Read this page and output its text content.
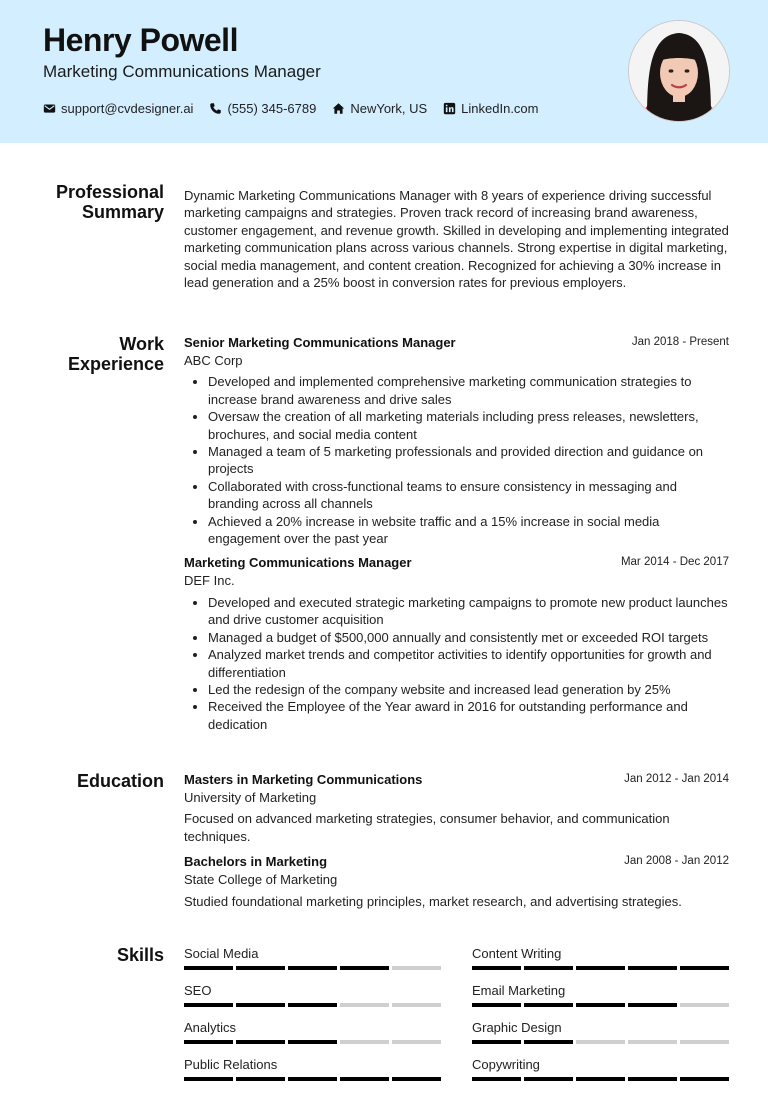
Henry Powell
Marketing Communications Manager
support@cvdesigner.ai	(555) 345-6789	NewYork, US	LinkedIn.com
Professional
Summary
Dynamic Marketing Communications Manager with 8 years of experience driving successful marketing campaigns and strategies. Proven track record of increasing brand awareness, customer engagement, and revenue growth. Skilled in developing and implementing integrated marketing communication plans across various channels. Strong expertise in digital marketing, social media management, and content creation. Recognized for achieving a 30% increase in lead generation and a 25% boost in conversion rates for previous employers.
Work
Experience
Senior Marketing Communications Manager	Jan 2018 - Present
ABC Corp
• Developed and implemented comprehensive marketing communication strategies to increase brand awareness and drive sales
• Oversaw the creation of all marketing materials including press releases, newsletters, brochures, and social media content
• Managed a team of 5 marketing professionals and provided direction and guidance on projects
• Collaborated with cross-functional teams to ensure consistency in messaging and branding across all channels
• Achieved a 20% increase in website traffic and a 15% increase in social media engagement over the past year
Marketing Communications Manager	Mar 2014 - Dec 2017
DEF Inc.
• Developed and executed strategic marketing campaigns to promote new product launches and drive customer acquisition
• Managed a budget of $500,000 annually and consistently met or exceeded ROI targets
• Analyzed market trends and competitor activities to identify opportunities for growth and differentiation
• Led the redesign of the company website and increased lead generation by 25%
• Received the Employee of the Year award in 2016 for outstanding performance and dedication
Education Masters in Marketing Communications	Jan 2012 - Jan 2014
University of Marketing
Focused on advanced marketing strategies, consumer behavior, and communication techniques.
Bachelors in Marketing	Jan 2008 - Jan 2012
State College of Marketing
Studied foundational marketing principles, market research, and advertising strategies.
Skills Social Media	Content Writing
SEO	Email Marketing
Analytics	Graphic Design
Public Relations	Copywriting
